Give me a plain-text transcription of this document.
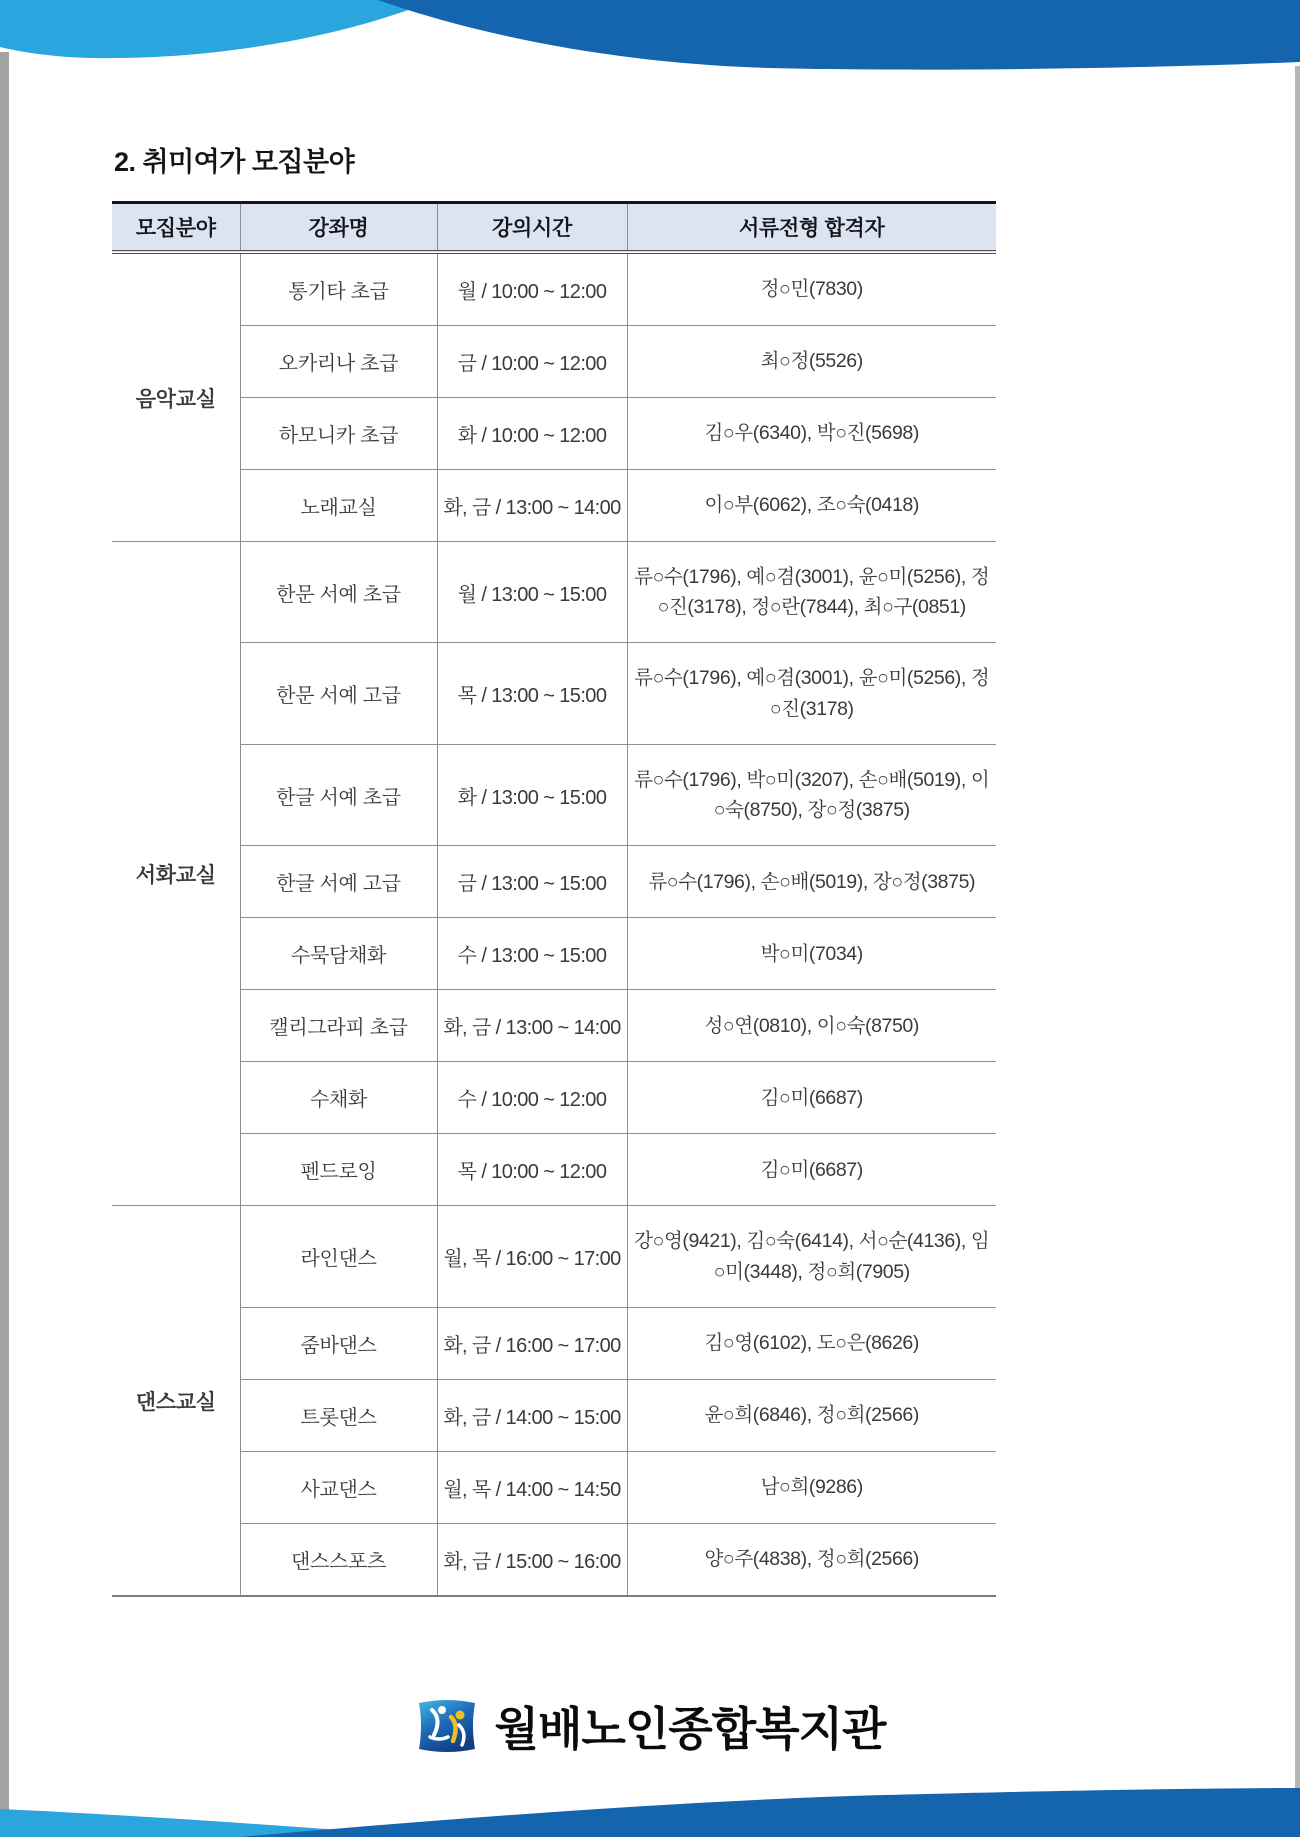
2. 취미여가 모집분야
모집분야	강좌명	강의시간	서류전형 합격자
음악교실	통기타 초급	월 / 10:00 ~ 12:00	정○민(7830)
	오카리나 초급	금 / 10:00 ~ 12:00	최○정(5526)
	하모니카 초급	화 / 10:00 ~ 12:00	김○우(6340), 박○진(5698)
	노래교실	화, 금 / 13:00 ~ 14:00	이○부(6062), 조○숙(0418)
서화교실	한문 서예 초급	월 / 13:00 ~ 15:00	류○수(1796), 예○겸(3001), 윤○미(5256), 정○진(3178), 정○란(7844), 최○구(0851)
	한문 서예 고급	목 / 13:00 ~ 15:00	류○수(1796), 예○겸(3001), 윤○미(5256), 정○진(3178)
	한글 서예 초급	화 / 13:00 ~ 15:00	류○수(1796), 박○미(3207), 손○배(5019), 이○숙(8750), 장○정(3875)
	한글 서예 고급	금 / 13:00 ~ 15:00	류○수(1796), 손○배(5019), 장○정(3875)
	수묵담채화	수 / 13:00 ~ 15:00	박○미(7034)
	캘리그라피 초급	화, 금 / 13:00 ~ 14:00	성○연(0810), 이○숙(8750)
	수채화	수 / 10:00 ~ 12:00	김○미(6687)
	펜드로잉	목 / 10:00 ~ 12:00	김○미(6687)
댄스교실	라인댄스	월, 목 / 16:00 ~ 17:00	강○영(9421), 김○숙(6414), 서○순(4136), 임○미(3448), 정○희(7905)
	줌바댄스	화, 금 / 16:00 ~ 17:00	김○영(6102), 도○은(8626)
	트롯댄스	화, 금 / 14:00 ~ 15:00	윤○희(6846), 정○희(2566)
	사교댄스	월, 목 / 14:00 ~ 14:50	남○희(9286)
	댄스스포츠	화, 금 / 15:00 ~ 16:00	양○주(4838), 정○희(2566)
월배노인종합복지관
